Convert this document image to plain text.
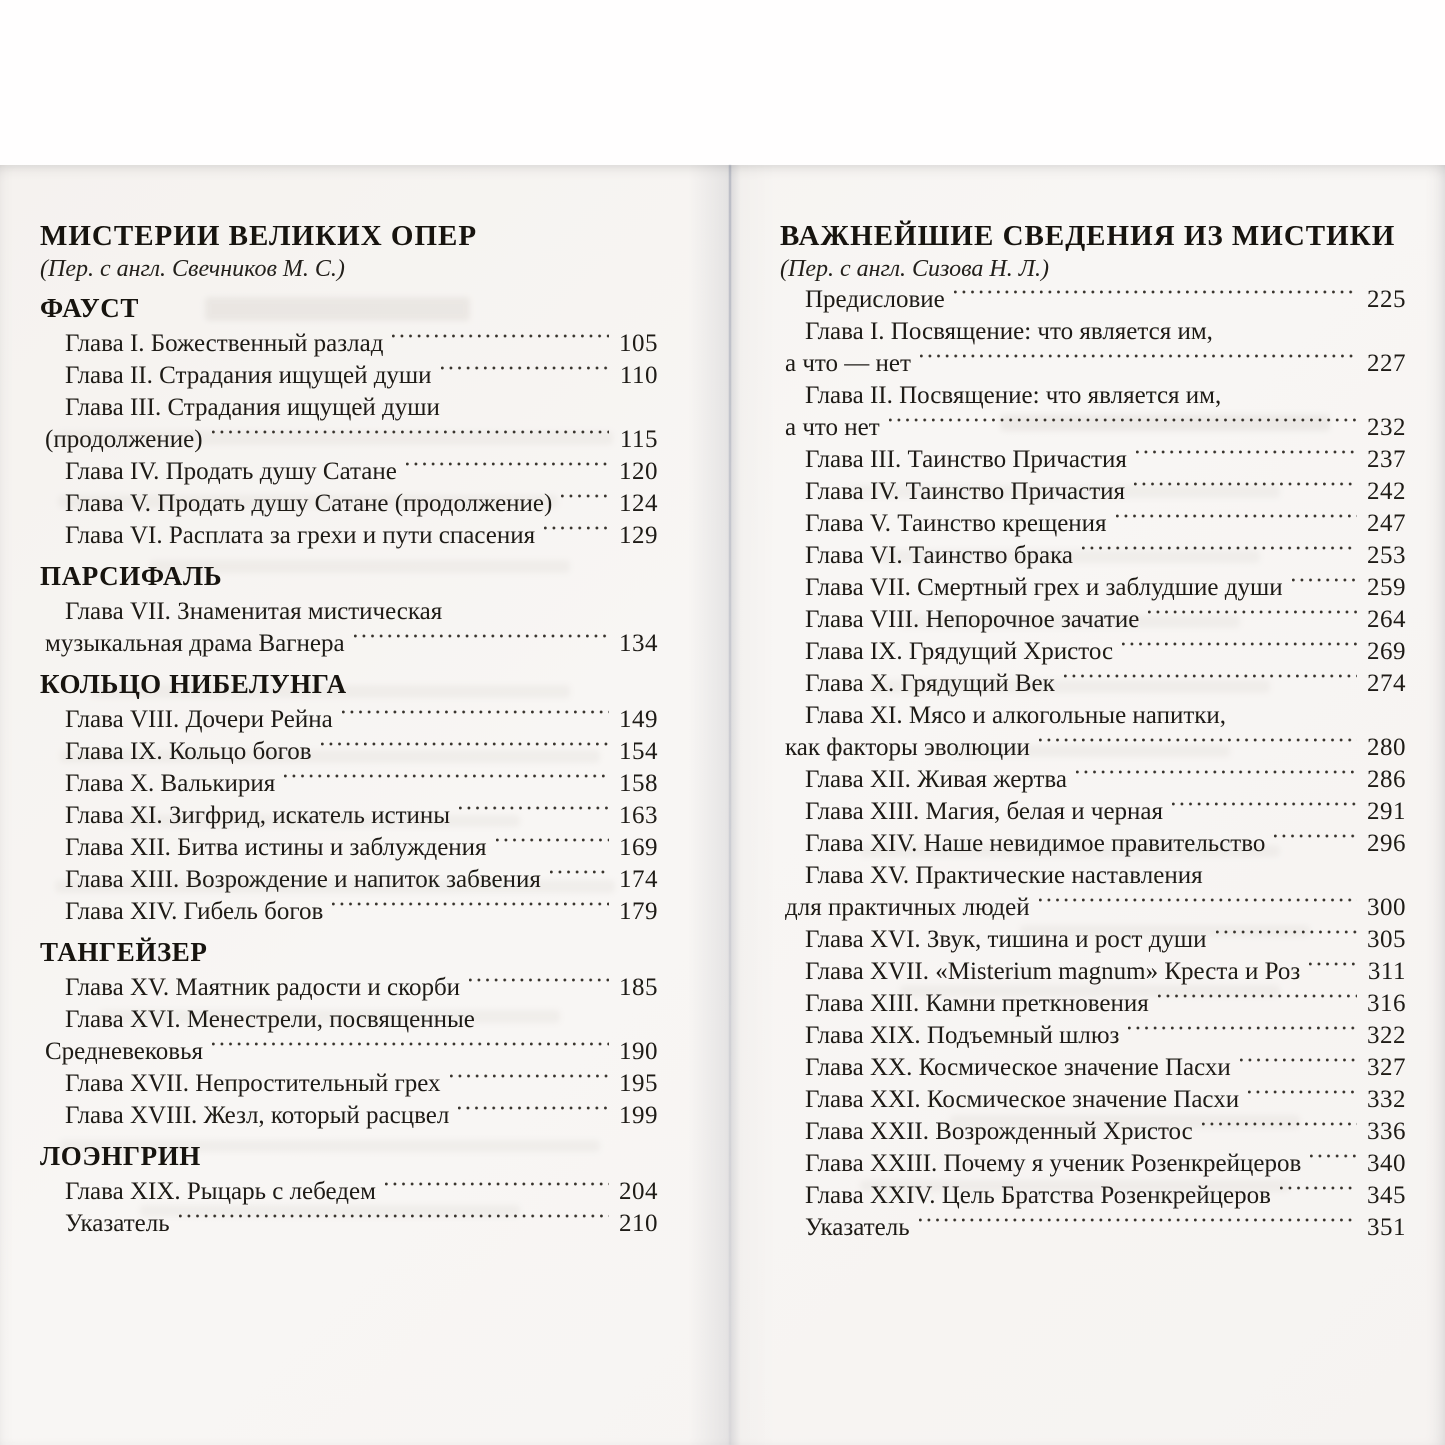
МИСТЕРИИ ВЕЛИКИХ ОПЕР
(Пер. с англ. Свечников М. С.)
ФАУСТ
Глава I. Божественный разлад	105
Глава II. Страдания ищущей души	110
Глава III. Страдания ищущей души
(продолжение)	115
Глава IV. Продать душу Сатане	120
Глава V. Продать душу Сатане (продолжение)	124
Глава VI. Расплата за грехи и пути спасения	129
ПАРСИФАЛЬ
Глава VII. Знаменитая мистическая
музыкальная драма Вагнера	134
КОЛЬЦО НИБЕЛУНГА
Глава VIII. Дочери Рейна	149
Глава IX. Кольцо богов	154
Глава X. Валькирия	158
Глава XI. Зигфрид, искатель истины	163
Глава XII. Битва истины и заблуждения	169
Глава XIII. Возрождение и напиток забвения	174
Глава XIV. Гибель богов	179
ТАНГЕЙЗЕР
Глава XV. Маятник радости и скорби	185
Глава XVI. Менестрели, посвященные
Средневековья	190
Глава XVII. Непростительный грех	195
Глава XVIII. Жезл, который расцвел	199
ЛОЭНГРИН
Глава XIX. Рыцарь с лебедем	204
Указатель	210
ВАЖНЕЙШИЕ СВЕДЕНИЯ ИЗ МИСТИКИ
(Пер. с англ. Сизова Н. Л.)
Предисловие	225
Глава I. Посвящение: что является им,
а что — нет	227
Глава II. Посвящение: что является им,
а что нет	232
Глава III. Таинство Причастия	237
Глава IV. Таинство Причастия	242
Глава V. Таинство крещения	247
Глава VI. Таинство брака	253
Глава VII. Смертный грех и заблудшие души	259
Глава VIII. Непорочное зачатие	264
Глава IX. Грядущий Христос	269
Глава X. Грядущий Век	274
Глава XI. Мясо и алкогольные напитки,
как факторы эволюции	280
Глава XII. Живая жертва	286
Глава XIII. Магия, белая и черная	291
Глава XIV. Наше невидимое правительство	296
Глава XV. Практические наставления
для практичных людей	300
Глава XVI. Звук, тишина и рост души	305
Глава XVII. «Misterium magnum» Креста и Роз	311
Глава XIII. Камни преткновения	316
Глава XIX. Подъемный шлюз	322
Глава XX. Космическое значение Пасхи	327
Глава XXI. Космическое значение Пасхи	332
Глава XXII. Возрожденный Христос	336
Глава XXIII. Почему я ученик Розенкрейцеров	340
Глава XXIV. Цель Братства Розенкрейцеров	345
Указатель	351
